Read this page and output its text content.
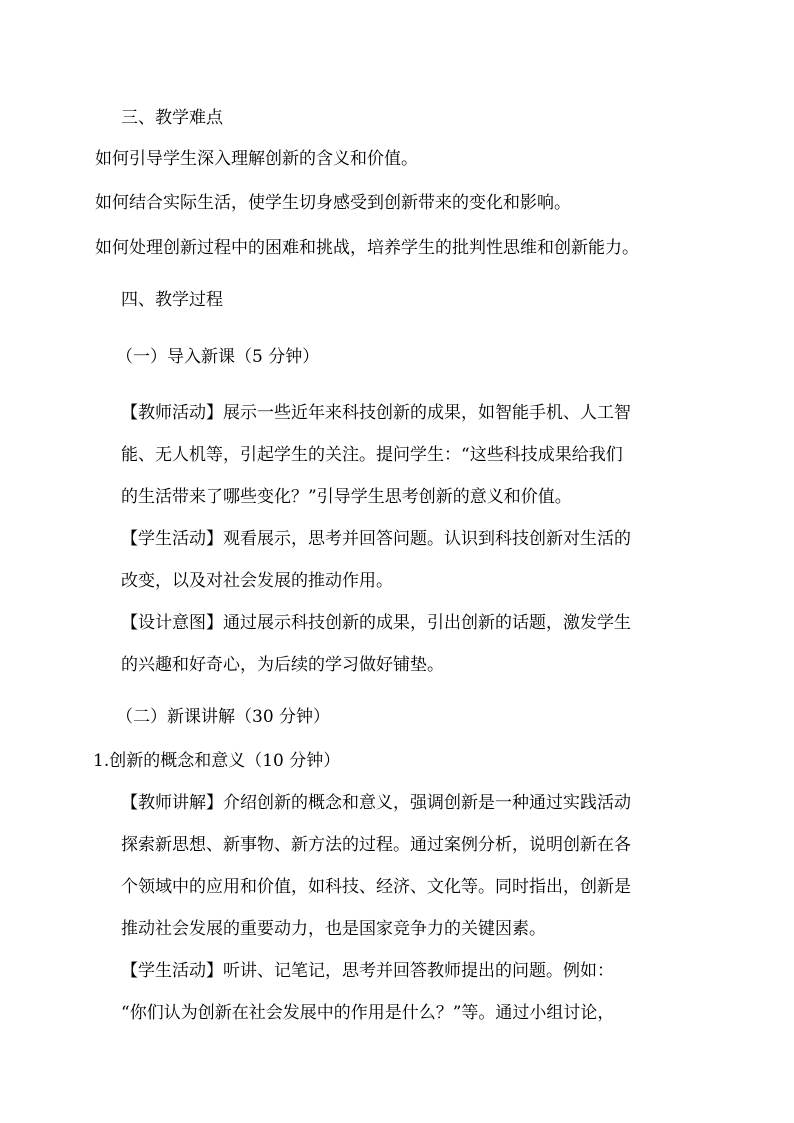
三、教学难点

如何引导学生深入理解创新的含义和价值。

如何结合实际生活，使学生切身感受到创新带来的变化和影响。

如何处理创新过程中的困难和挑战，培养学生的批判性思维和创新能力。

四、教学过程

（一）导入新课（5 分钟）

【教师活动】展示一些近年来科技创新的成果，如智能手机、人工智

能、无人机等，引起学生的关注。提问学生：“这些科技成果给我们

的生活带来了哪些变化？”引导学生思考创新的意义和价值。

【学生活动】观看展示，思考并回答问题。认识到科技创新对生活的

改变，以及对社会发展的推动作用。

【设计意图】通过展示科技创新的成果，引出创新的话题，激发学生

的兴趣和好奇心，为后续的学习做好铺垫。

（二）新课讲解（30 分钟）

1.创新的概念和意义（10 分钟）

【教师讲解】介绍创新的概念和意义，强调创新是一种通过实践活动

探索新思想、新事物、新方法的过程。通过案例分析，说明创新在各

个领域中的应用和价值，如科技、经济、文化等。同时指出，创新是

推动社会发展的重要动力，也是国家竞争力的关键因素。

【学生活动】听讲、记笔记，思考并回答教师提出的问题。例如：

“你们认为创新在社会发展中的作用是什么？”等。通过小组讨论，
